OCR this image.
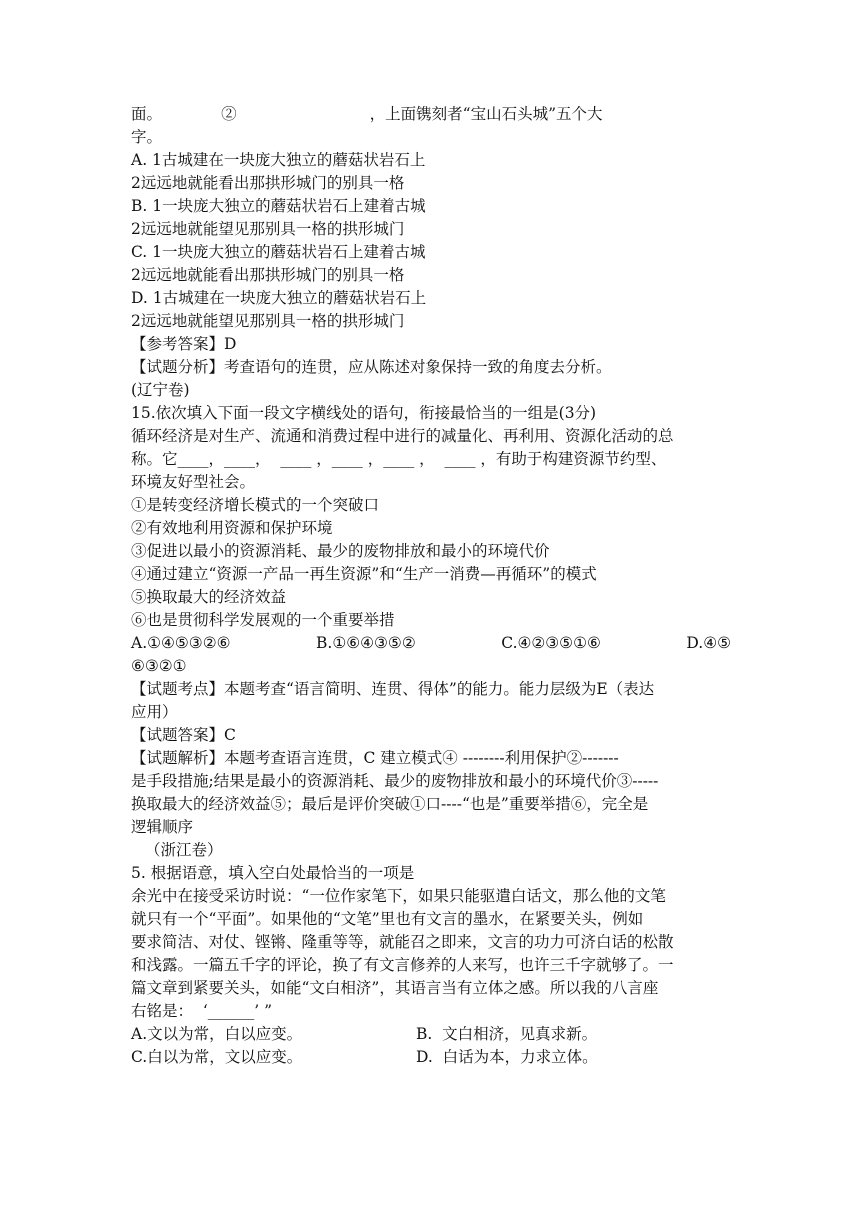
面。            ②                           ，上面镌刻者“宝山石头城”五个大
字。
A. 1古城建在一块庞大独立的蘑菇状岩石上
2远远地就能看出那拱形城门的别具一格
B. 1一块庞大独立的蘑菇状岩石上建着古城
2远远地就能望见那别具一格的拱形城门
C. 1一块庞大独立的蘑菇状岩石上建着古城
2远远地就能看出那拱形城门的别具一格
D. 1古城建在一块庞大独立的蘑菇状岩石上
2远远地就能望见那别具一格的拱形城门
【参考答案】D
【试题分析】考查语句的连贯，应从陈述对象保持一致的角度去分析。
(辽宁卷)
15.依次填入下面一段文字横线处的语句，衔接最恰当的一组是(3分)
循环经济是对生产、流通和消费过程中进行的减量化、再利用、资源化活动的总
称。它____，____，  ____ ，____ ，____ ，  ____ ，有助于构建资源节约型、
环境友好型社会。
①是转变经济增长模式的一个突破口
②有效地利用资源和保护环境
③促进以最小的资源消耗、最少的废物排放和最小的环境代价
④通过建立“资源一产品一再生资源”和“生产一消费—再循环”的模式
⑤换取最大的经济效益
⑥也是贯彻科学发展观的一个重要举措
A.①④⑤③②⑥	B.①⑥④③⑤②	C.④②③⑤①⑥	D.④⑤
⑥③②①
【试题考点】本题考查“语言简明、连贯、得体”的能力。能力层级为E（表达
应用）
【试题答案】C
【试题解析】本题考查语言连贯，C 建立模式④ --------利用保护②-------
是手段措施;结果是最小的资源消耗、最少的废物排放和最小的环境代价③-----
换取最大的经济效益⑤；最后是评价突破①口----“也是”重要举措⑥，完全是
逻辑顺序
（浙江卷）
5. 根据语意，填入空白处最恰当的一项是
余光中在接受采访时说：“一位作家笔下，如果只能驱遣白话文，那么他的文笔
就只有一个“平面”。如果他的“文笔”里也有文言的墨水，在紧要关头，例如
要求简洁、对仗、铿锵、隆重等等，就能召之即来，文言的功力可济白话的松散
和浅露。一篇五千字的评论，换了有文言修养的人来写，也许三千字就够了。一
篇文章到紧要关头，如能“文白相济”，其语言当有立体之感。所以我的八言座
右铭是：  ‘______’ ”
A.文以为常，白以应变。	B.  文白相济，见真求新。
C.白以为常，文以应变。	D.  白话为本，力求立体。
